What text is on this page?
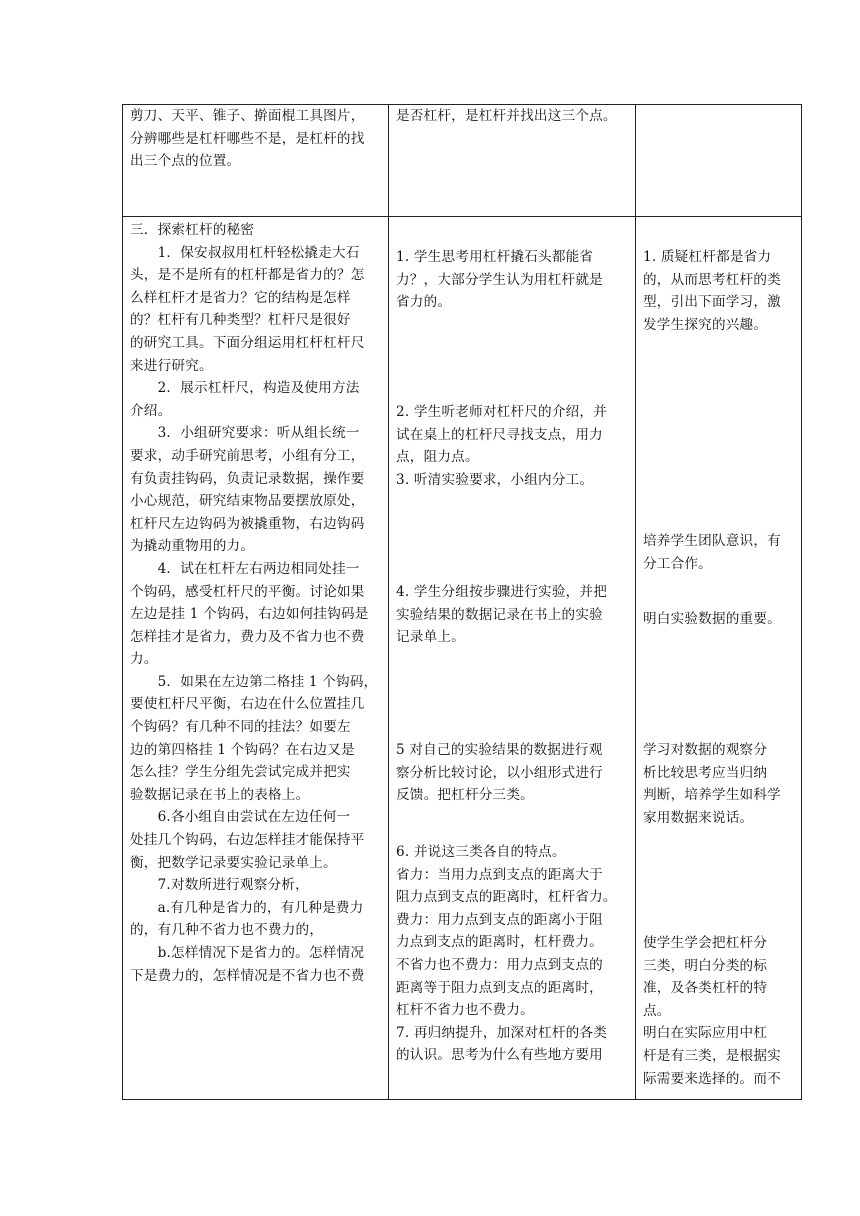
剪刀、天平、锥子、擀面棍工具图片，
分辨哪些是杠杆哪些不是，是杠杆的找
出三个点的位置。
是否杠杆，是杠杆并找出这三个点。
三．探索杠杆的秘密
　　1．保安叔叔用杠杆轻松撬走大石
头，是不是所有的杠杆都是省力的？怎
么样杠杆才是省力？它的结构是怎样
的？杠杆有几种类型？杠杆尺是很好
的研究工具。下面分组运用杠杆杠杆尺
来进行研究。
　　2．展示杠杆尺，构造及使用方法
介绍。
　　3．小组研究要求：听从组长统一
要求，动手研究前思考，小组有分工，
有负责挂钩码，负责记录数据，操作要
小心规范，研究结束物品要摆放原处，
杠杆尺左边钩码为被撬重物，右边钩码
为撬动重物用的力。
　　4．试在杠杆左右两边相同处挂一
个钩码，感受杠杆尺的平衡。讨论如果
左边是挂 1 个钩码，右边如何挂钩码是
怎样挂才是省力，费力及不省力也不费
力。
　　5．如果在左边第二格挂 1 个钩码，
要使杠杆尺平衡，右边在什么位置挂几
个钩码？有几种不同的挂法？如要左
边的第四格挂 1 个钩码？在右边又是
怎么挂？学生分组先尝试完成并把实
验数据记录在书上的表格上。
　　6.各小组自由尝试在左边任何一
处挂几个钩码，右边怎样挂才能保持平
衡，把数学记录要实验记录单上。
　　7.对数所进行观察分析，
　　a.有几种是省力的，有几种是费力
的，有几种不省力也不费力的，
　　b.怎样情况下是省力的。怎样情况
下是费力的，怎样情况是不省力也不费
1. 学生思考用杠杆撬石头都能省
力？，大部分学生认为用杠杆就是
省力的。
2. 学生听老师对杠杆尺的介绍，并
试在桌上的杠杆尺寻找支点，用力
点，阻力点。
3. 听清实验要求，小组内分工。
4. 学生分组按步骤进行实验，并把
实验结果的数据记录在书上的实验
记录单上。
5 对自己的实验结果的数据进行观
察分析比较讨论，以小组形式进行
反馈。把杠杆分三类。
6. 并说这三类各自的特点。
省力：当用力点到支点的距离大于
阻力点到支点的距离时，杠杆省力。
费力：用力点到支点的距离小于阻
力点到支点的距离时，杠杆费力。
不省力也不费力：用力点到支点的
距离等于阻力点到支点的距离时，
杠杆不省力也不费力。
7. 再归纳提升，加深对杠杆的各类
的认识。思考为什么有些地方要用
1. 质疑杠杆都是省力
的，从而思考杠杆的类
型，引出下面学习，激
发学生探究的兴趣。
培养学生团队意识，有
分工合作。
明白实验数据的重要。
学习对数据的观察分
析比较思考应当归纳
判断，培养学生如科学
家用数据来说话。
使学生学会把杠杆分
三类，明白分类的标
准，及各类杠杆的特
点。
明白在实际应用中杠
杆是有三类，是根据实
际需要来选择的。而不
